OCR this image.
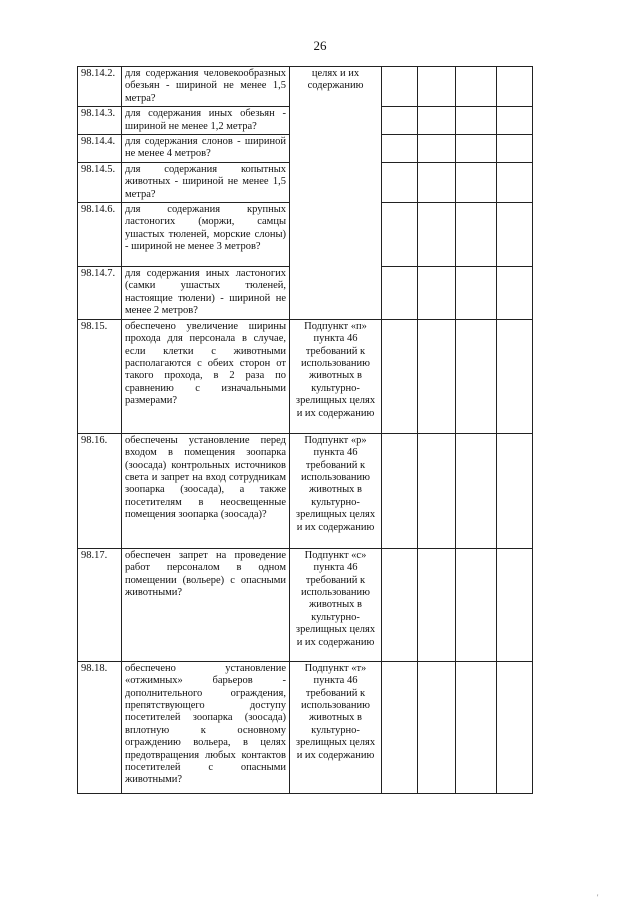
26
98.14.2.	для содержания человекообразных обезьян - шириной не менее 1,5 метра?	целях и их содержанию				
98.14.3.	для содержания иных обезьян - шириной не менее 1,2 метра?					
98.14.4.	для содержания слонов - шириной не менее 4 метров?					
98.14.5.	для содержания копытных животных - шириной не менее 1,5 метра?					
98.14.6.	для содержания крупных ластоногих (моржи, самцы ушастых тюленей, морские слоны) - шириной не менее 3 метров?					
98.14.7.	для содержания иных ластоногих (самки ушастых тюленей, настоящие тюлени) - шириной не менее 2 метров?					
98.15.	обеспечено увеличение ширины прохода для персонала в случае, если клетки с животными располагаются с обеих сторон от такого прохода, в 2 раза по сравнению с изначальными размерами?	Подпункт «п» пункта 46 требований к использованию животных в культурно-зрелищных целях и их содержанию				
98.16.	обеспечены установление перед входом в помещения зоопарка (зоосада) контрольных источников света и запрет на вход сотрудникам зоопарка (зоосада), а также посетителям в неосвещенные помещения зоопарка (зоосада)?	Подпункт «р» пункта 46 требований к использованию животных в культурно-зрелищных целях и их содержанию				
98.17.	обеспечен запрет на проведение работ персоналом в одном помещении (вольере) с опасными животными?	Подпункт «с» пункта 46 требований к использованию животных в культурно-зрелищных целях и их содержанию				
98.18.	обеспечено установление «отжимных» барьеров - дополнительного ограждения, препятствующего доступу посетителей зоопарка (зоосада) вплотную к основному ограждению вольера, в целях предотвращения любых контактов посетителей с опасными животными?	Подпункт «т» пункта 46 требований к использованию животных в культурно-зрелищных целях и их содержанию				
'
